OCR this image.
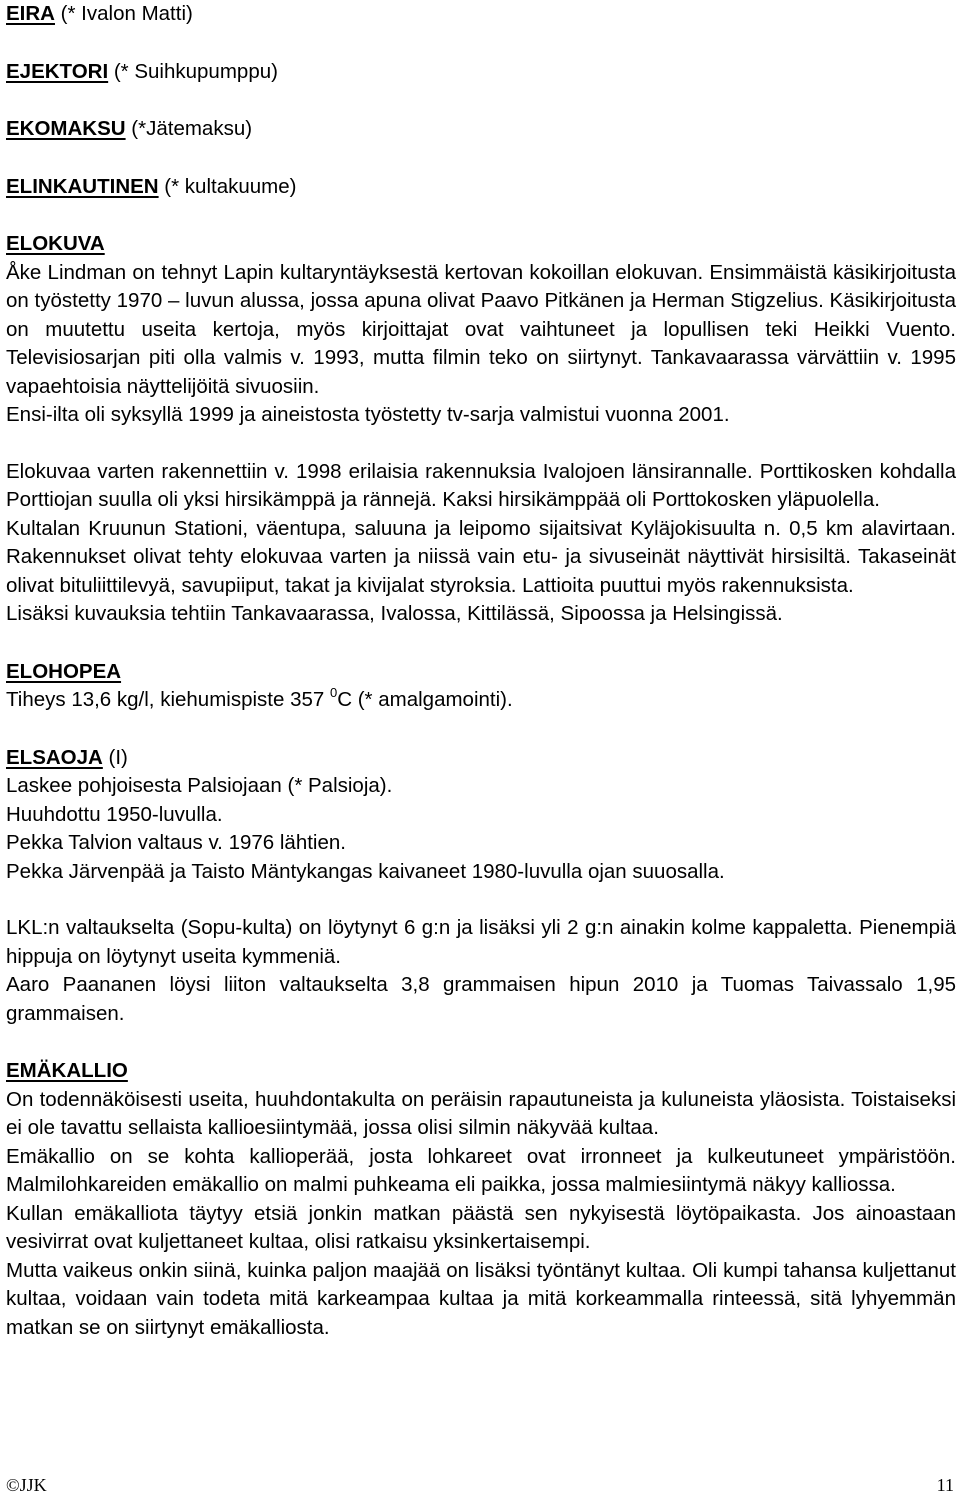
EIRA (* Ivalon Matti)

EJEKTORI (* Suihkupumppu)

EKOMAKSU (*Jätemaksu)

ELINKAUTINEN (* kultakuume)

ELOKUVA

Åke Lindman on tehnyt Lapin kultaryntäyksestä kertovan kokoillan elokuvan. Ensimmäistä käsikirjoitusta on työstetty 1970 – luvun alussa, jossa apuna olivat Paavo Pitkänen ja Herman Stigzelius. Käsikirjoitusta on muutettu useita kertoja, myös kirjoittajat ovat vaihtuneet ja lopullisen teki Heikki Vuento. Televisiosarjan piti olla valmis v. 1993, mutta filmin teko on siirtynyt. Tankavaarassa värvättiin v. 1995 vapaehtoisia näyttelijöitä sivuosiin.

Ensi-ilta oli syksyllä 1999 ja aineistosta työstetty tv-sarja valmistui vuonna 2001.

Elokuvaa varten rakennettiin v. 1998 erilaisia rakennuksia Ivalojoen länsirannalle. Porttikosken kohdalla Porttiojan suulla oli yksi hirsikämppä ja rännejä. Kaksi hirsikämppää oli Porttokosken yläpuolella.

Kultalan Kruunun Stationi, väentupa, saluuna ja leipomo sijaitsivat Kyläjokisuulta n. 0,5 km alavirtaan. Rakennukset olivat tehty elokuvaa varten ja niissä vain etu- ja sivuseinät näyttivät hirsisiltä. Takaseinät olivat bituliittilevyä, savupiiput, takat ja kivijalat styroksia. Lattioita puuttui myös rakennuksista.

Lisäksi kuvauksia tehtiin Tankavaarassa, Ivalossa, Kittilässä, Sipoossa ja Helsingissä.

ELOHOPEA

Tiheys 13,6 kg/l, kiehumispiste 357 $^0$C (* amalgamointi).

ELSAOJA (I)

Laskee pohjoisesta Palsiojaan (* Palsioja).

Huuhdottu 1950-luvulla.

Pekka Talvion valtaus v. 1976 lähtien.

Pekka Järvenpää ja Taisto Mäntykangas kaivaneet 1980-luvulla ojan suuosalla.

LKL:n valtaukselta (Sopu-kulta) on löytynyt 6 g:n ja lisäksi yli 2 g:n ainakin kolme kappaletta. Pienempiä hippuja on löytynyt useita kymmeniä.

Aaro Paananen löysi liiton valtaukselta 3,8 grammaisen hipun 2010 ja Tuomas Taivassalo 1,95 grammaisen.

EMÄKALLIO

On todennäköisesti useita, huuhdontakulta on peräisin rapautuneista ja kuluneista yläosista. Toistaiseksi ei ole tavattu sellaista kallioesiintymää, jossa olisi silmin näkyvää kultaa.

Emäkallio on se kohta kallioperää, josta lohkareet ovat irronneet ja kulkeutuneet ympäristöön. Malmilohkareiden emäkallio on malmi puhkeama eli paikka, jossa malmiesiintymä näkyy kalliossa.

Kullan emäkalliota täytyy etsiä jonkin matkan päästä sen nykyisestä löytöpaikasta. Jos ainoastaan vesivirrat ovat kuljettaneet kultaa, olisi ratkaisu yksinkertaisempi.

Mutta vaikeus onkin siinä, kuinka paljon maajää on lisäksi työntänyt kultaa. Oli kumpi tahansa kuljettanut kultaa, voidaan vain todeta mitä karkeampaa kultaa ja mitä korkeammalla rinteessä, sitä lyhyemmän matkan se on siirtynyt emäkalliosta.

©JJK	11
